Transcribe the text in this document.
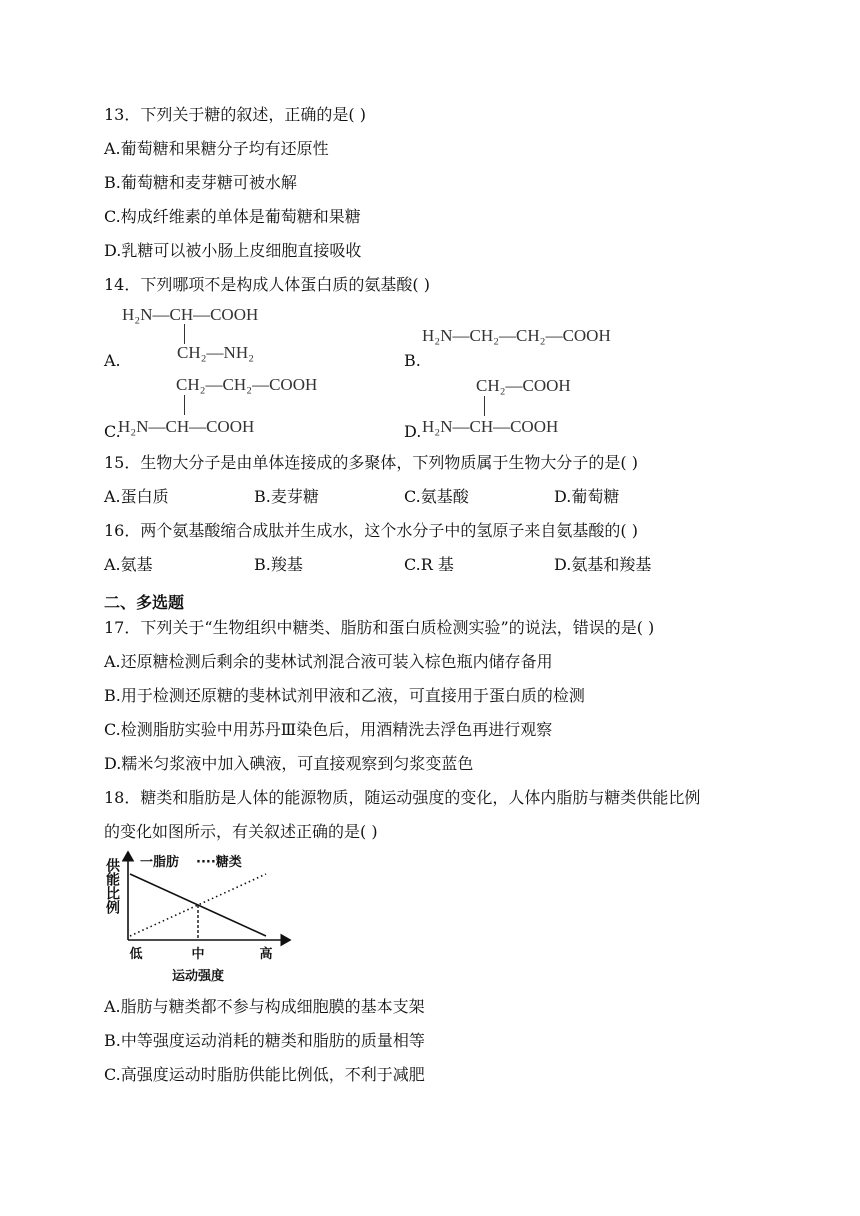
13．下列关于糖的叙述，正确的是( )
A.葡萄糖和果糖分子均有还原性
B.葡萄糖和麦芽糖可被水解
C.构成纤维素的单体是葡萄糖和果糖
D.乳糖可以被小肠上皮细胞直接吸收
14．下列哪项不是构成人体蛋白质的氨基酸( )
A.
H₂N—CH—COOH
CH₂—NH₂	B.
H₂N—CH₂—CH₂—COOH
CH₂—CH₂—COOH
C.
H₂N—CH—COOH
CH₂—COOH
D. H₂N—CH—COOH
15．生物大分子是由单体连接成的多聚体，下列物质属于生物大分子的是( )
A.蛋白质	B.麦芽糖	C.氨基酸	D.葡萄糖
16．两个氨基酸缩合成肽并生成水，这个水分子中的氢原子来自氨基酸的( )
A.氨基	B.羧基	C.R 基	D.氨基和羧基
二、多选题
17．下列关于“生物组织中糖类、脂肪和蛋白质检测实验”的说法，错误的是( )
A.还原糖检测后剩余的斐林试剂混合液可装入棕色瓶内储存备用
B.用于检测还原糖的斐林试剂甲液和乙液，可直接用于蛋白质的检测
C.检测脂肪实验中用苏丹Ⅲ染色后，用酒精洗去浮色再进行观察
D.糯米匀浆液中加入碘液，可直接观察到匀浆变蓝色
18．糖类和脂肪是人体的能源物质，随运动强度的变化，人体内脂肪与糖类供能比例
的变化如图所示，有关叙述正确的是( )
供能比例 一脂肪 ····糖类
低	中	高
运动强度
A.脂肪与糖类都不参与构成细胞膜的基本支架
B.中等强度运动消耗的糖类和脂肪的质量相等
C.高强度运动时脂肪供能比例低，不利于减肥
